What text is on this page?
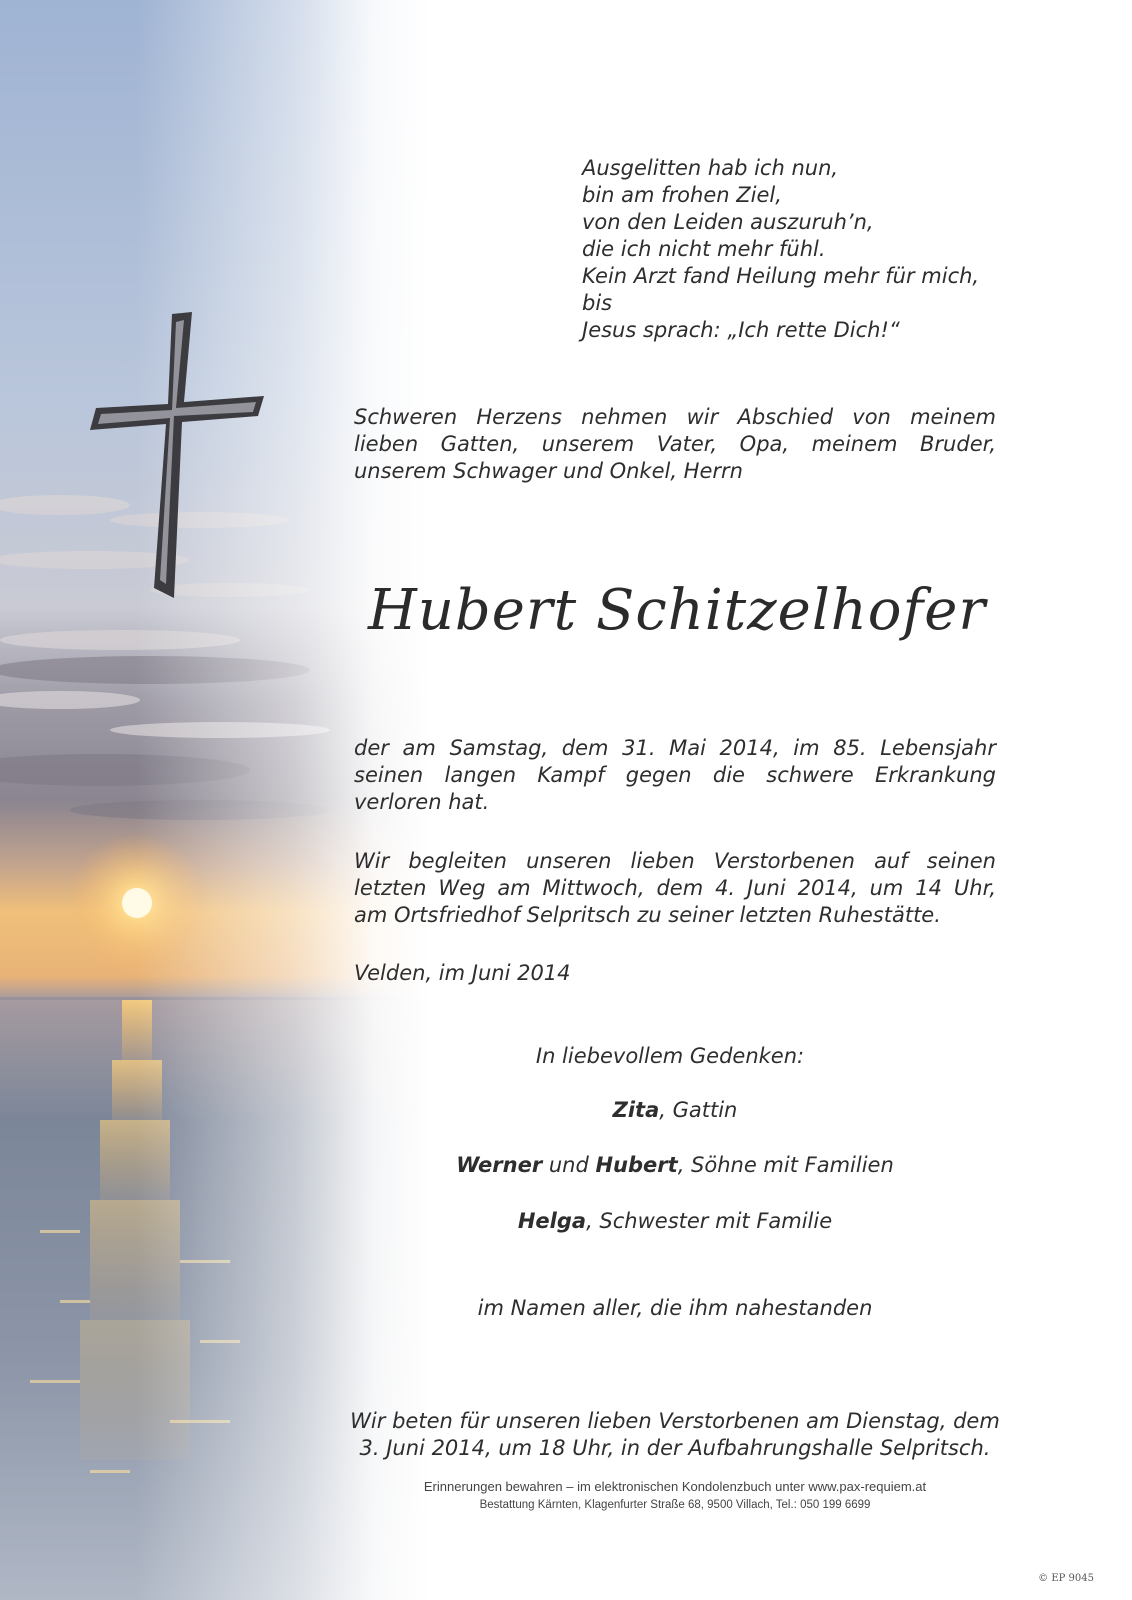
Ausgelitten hab ich nun,
bin am frohen Ziel,
von den Leiden auszuruh’n,
die ich nicht mehr fühl.
Kein Arzt fand Heilung mehr für mich, bis
Jesus sprach: „Ich rette Dich!“
Schweren Herzens nehmen wir Abschied von meinem
lieben Gatten, unserem Vater, Opa, meinem Bruder,
unserem Schwager und Onkel, Herrn
Hubert Schitzelhofer
der am Samstag, dem 31. Mai 2014, im 85. Lebensjahr
seinen langen Kampf gegen die schwere Erkrankung
verloren hat.
Wir begleiten unseren lieben Verstorbenen auf seinen
letzten Weg am Mittwoch, dem 4. Juni 2014, um 14 Uhr,
am Ortsfriedhof Selpritsch zu seiner letzten Ruhestätte.
Velden, im Juni 2014
In liebevollem Gedenken:
Zita, Gattin
Werner und Hubert, Söhne mit Familien
Helga, Schwester mit Familie
im Namen aller, die ihm nahestanden
Wir beten für unseren lieben Verstorbenen am Dienstag, dem
3. Juni 2014, um 18 Uhr, in der Aufbahrungshalle Selpritsch.
Erinnerungen bewahren – im elektronischen Kondolenzbuch unter www.pax-requiem.at
Bestattung Kärnten, Klagenfurter Straße 68, 9500 Villach, Tel.: 050 199 6699
© EP 9045
